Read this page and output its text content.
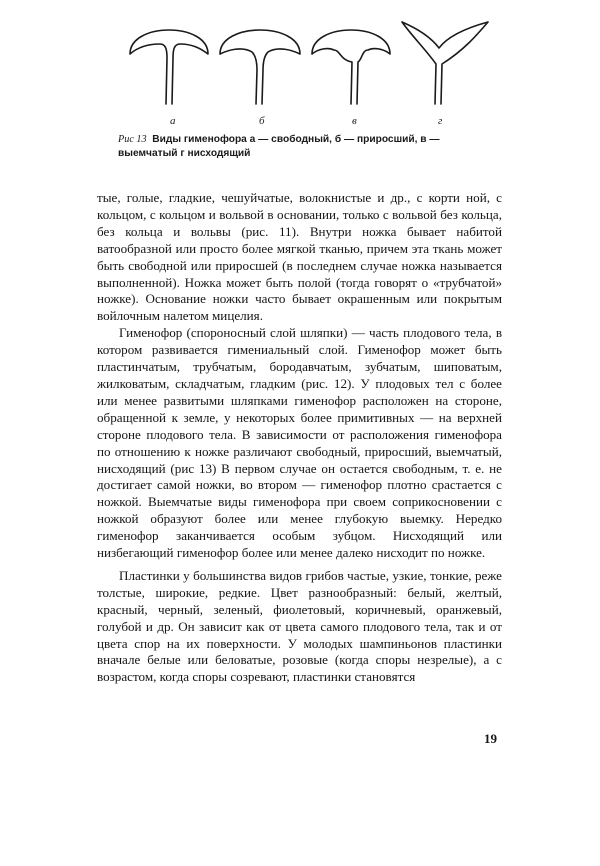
а	б	в	г
Рис 13 Виды гименофора а — свободный, б — приросший, в — выемчатый г нисходящий

тые, голые, гладкие, чешуйчатые, волокнистые и др., с корти ной, с кольцом, с кольцом и вольвой в основании, только с вольвой без кольца, без кольца и вольвы (рис. 11). Внутри ножка бывает набитой ватообразной или просто более мягкой тканью, причем эта ткань может быть свободной или приросшей (в последнем случае ножка называется выполненной). Ножка может быть полой (тогда говорят о «трубчатой» ножке). Основание ножки часто бывает окрашенным или покрытым войлочным налетом мицелия.

Гименофор (спороносный слой шляпки) — часть плодового тела, в котором развивается гимениальный слой. Гименофор может быть пластинчатым, трубчатым, бородавчатым, зубчатым, шиповатым, жилковатым, складчатым, гладким (рис. 12). У плодовых тел с более или менее развитыми шляпками гименофор расположен на стороне, обращенной к земле, у некоторых более примитивных — на верхней стороне плодового тела. В зависимости от расположения гименофора по отношению к ножке различают свободный, приросший, выемчатый, нисходящий (рис 13) В первом случае он остается свободным, т. е. не достигает самой ножки, во втором — гименофор плотно срастается с ножкой. Выемчатые виды гименофора при своем соприкосновении с ножкой образуют более или менее глубокую выемку. Нередко гименофор заканчивается особым зубцом. Нисходящий или низбегающий гименофор более или менее далеко нисходит по ножке.

Пластинки у большинства видов грибов частые, узкие, тонкие, реже толстые, широкие, редкие. Цвет разнообразный: белый, желтый, красный, черный, зеленый, фиолетовый, коричневый, оранжевый, голубой и др. Он зависит как от цвета самого плодового тела, так и от цвета спор на их поверхности. У молодых шампиньонов пластинки вначале белые или беловатые, розовые (когда споры незрелые), а с возрастом, когда споры созревают, пластинки становятся

19
